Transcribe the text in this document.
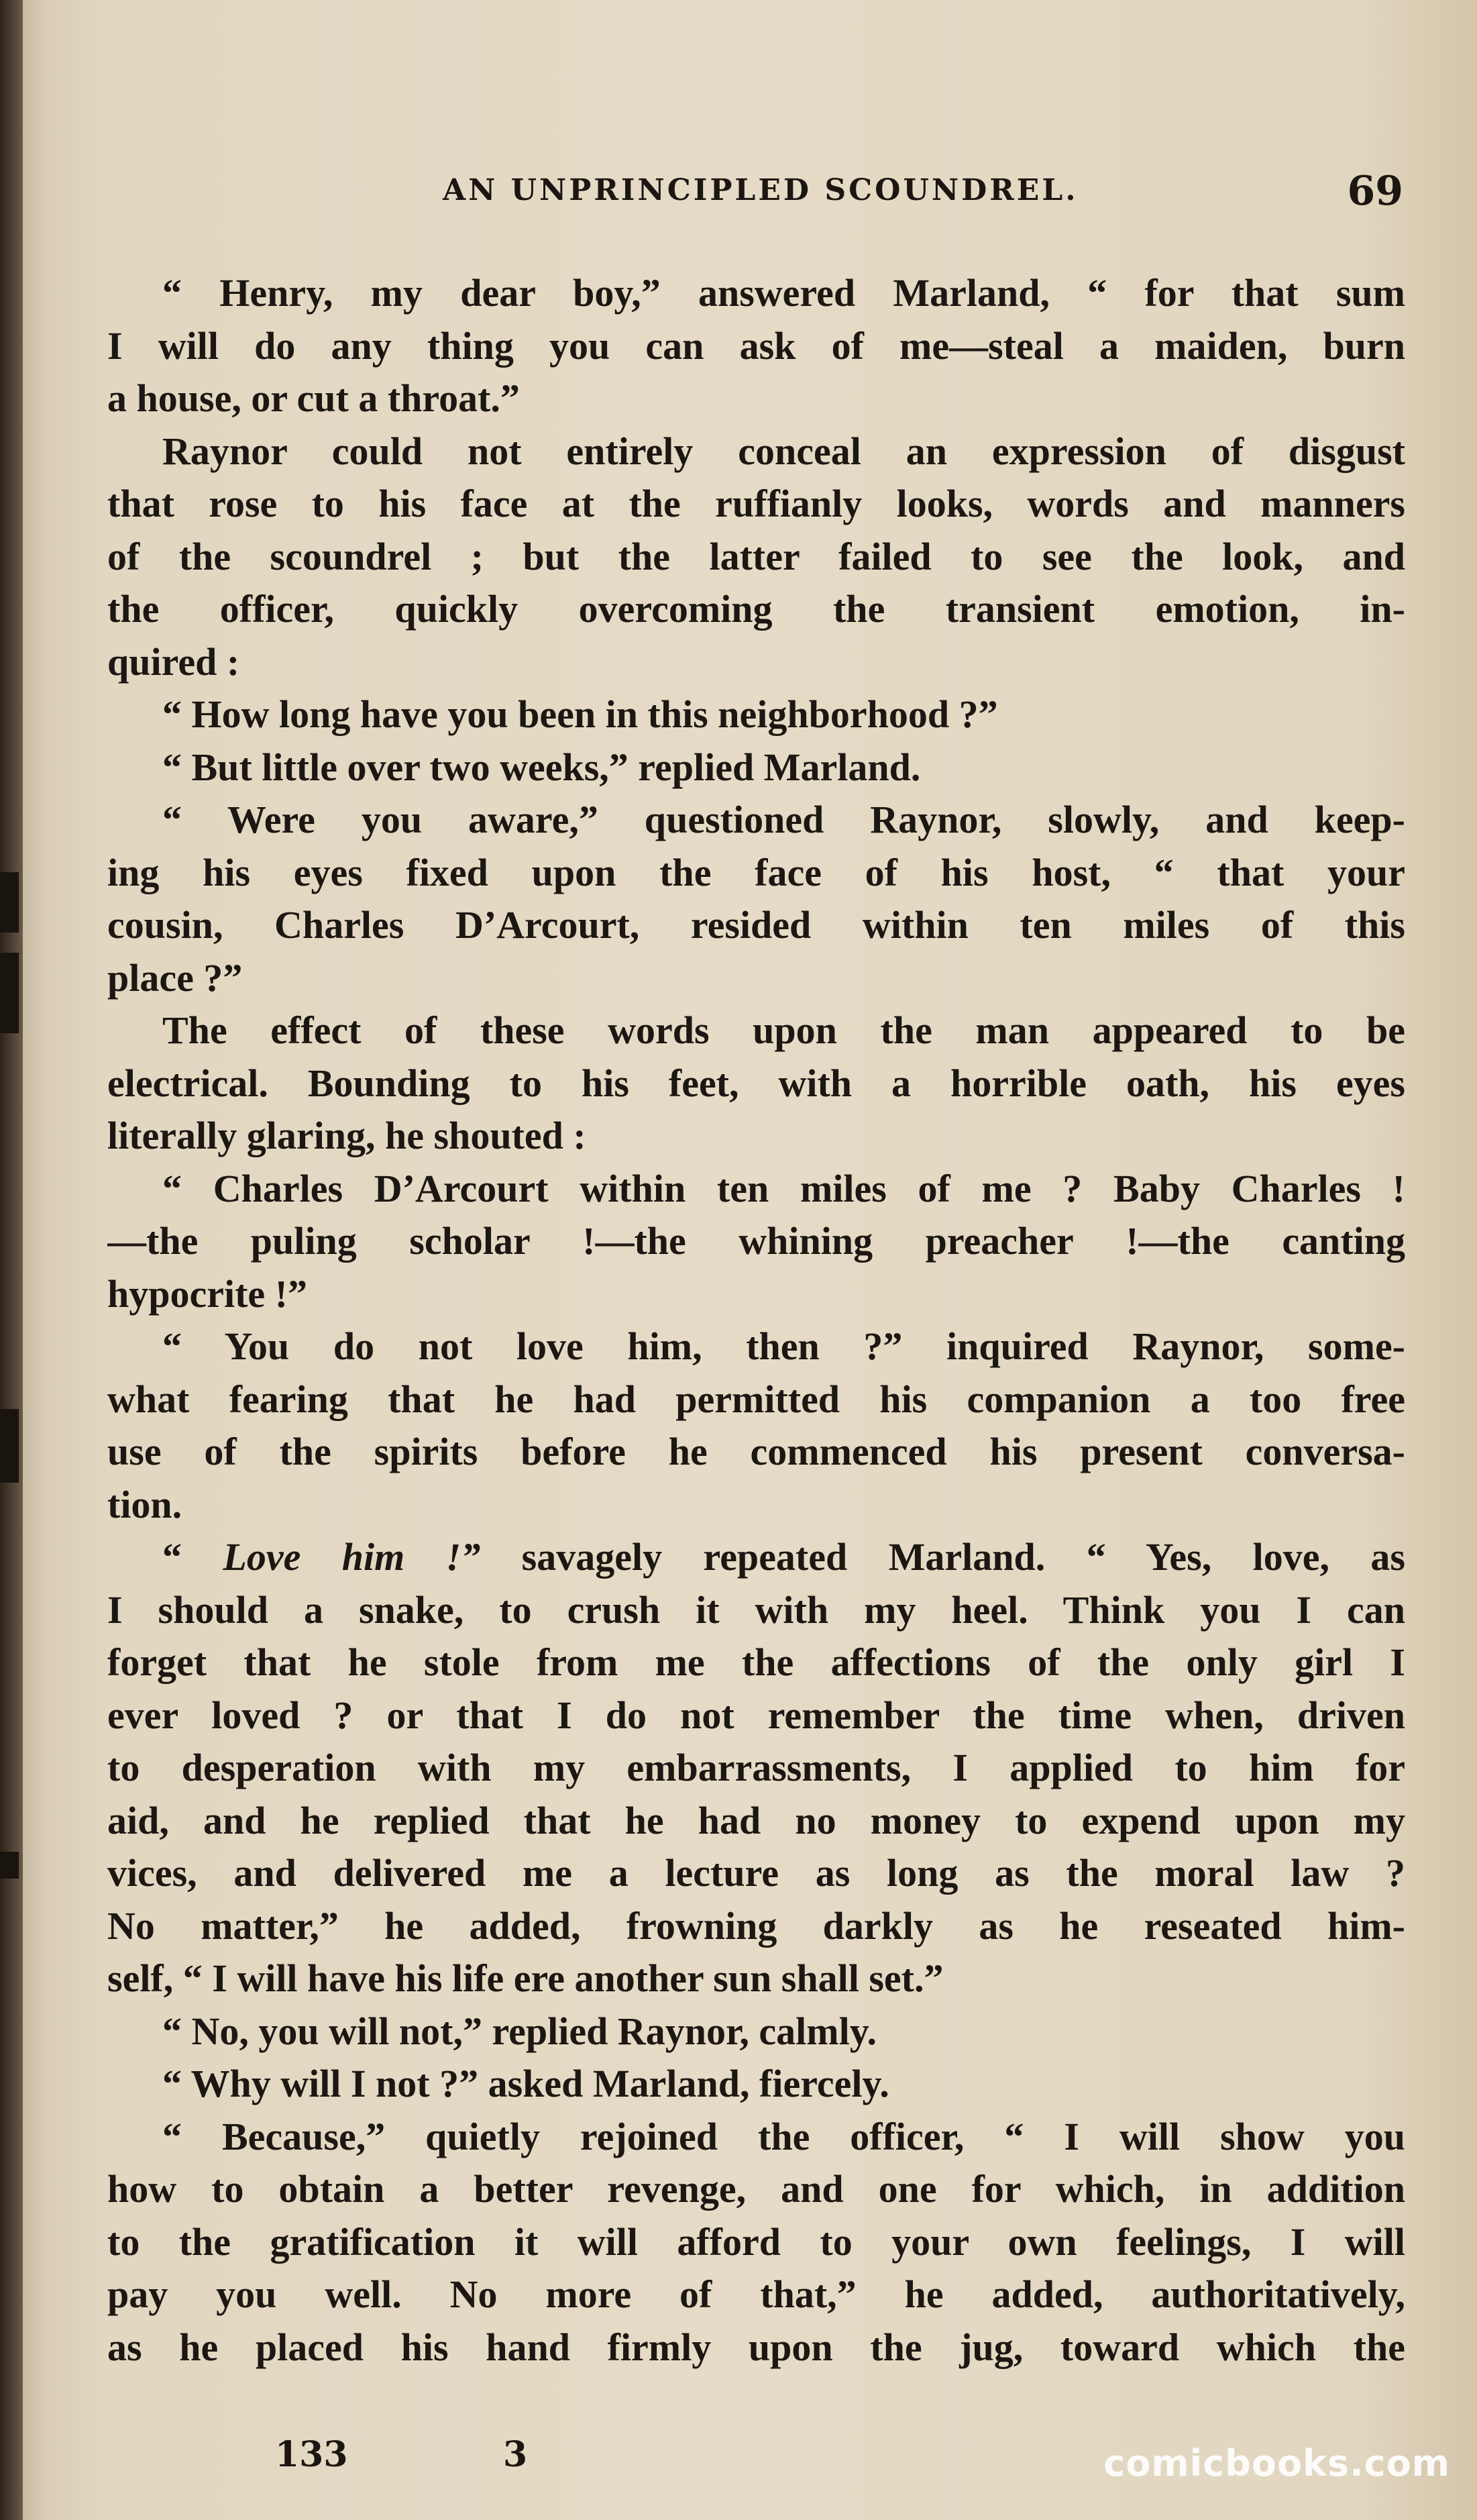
AN UNPRINCIPLED SCOUNDREL.	69
“ Henry, my dear boy,” answered Marland, “ for that sum
I will do any thing you can ask of me—steal a maiden, burn
a house, or cut a throat.”
Raynor could not entirely conceal an expression of disgust
that rose to his face at the ruffianly looks, words and manners
of the scoundrel ; but the latter failed to see the look, and
the officer, quickly overcoming the transient emotion, in-
quired :
“ How long have you been in this neighborhood ?”
“ But little over two weeks,” replied Marland.
“ Were you aware,” questioned Raynor, slowly, and keep-
ing his eyes fixed upon the face of his host, “ that your
cousin, Charles D’Arcourt, resided within ten miles of this
place ?”
The effect of these words upon the man appeared to be
electrical. Bounding to his feet, with a horrible oath, his eyes
literally glaring, he shouted :
“ Charles D’Arcourt within ten miles of me ? Baby Charles !
—the puling scholar !—the whining preacher !—the canting
hypocrite !”
“ You do not love him, then ?” inquired Raynor, some-
what fearing that he had permitted his companion a too free
use of the spirits before he commenced his present conversa-
tion.
“ Love him !” savagely repeated Marland. “ Yes, love, as
I should a snake, to crush it with my heel. Think you I can
forget that he stole from me the affections of the only girl I
ever loved ? or that I do not remember the time when, driven
to desperation with my embarrassments, I applied to him for
aid, and he replied that he had no money to expend upon my
vices, and delivered me a lecture as long as the moral law ?
No matter,” he added, frowning darkly as he reseated him-
self, “ I will have his life ere another sun shall set.”
“ No, you will not,” replied Raynor, calmly.
“ Why will I not ?” asked Marland, fiercely.
“ Because,” quietly rejoined the officer, “ I will show you
how to obtain a better revenge, and one for which, in addition
to the gratification it will afford to your own feelings, I will
pay you well. No more of that,” he added, authoritatively,
as he placed his hand firmly upon the jug, toward which the
133	3	comicbooks.com
